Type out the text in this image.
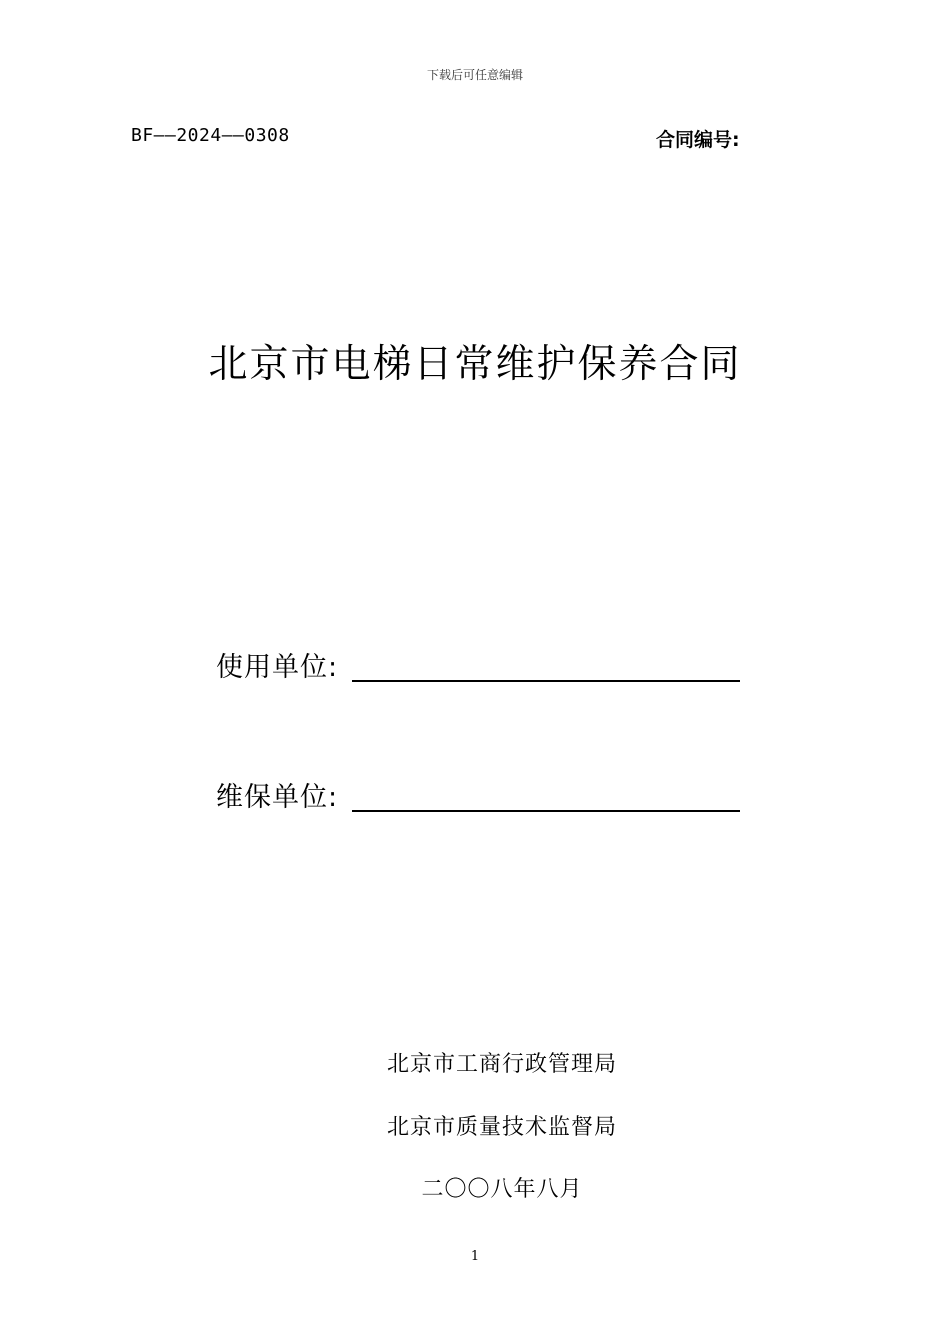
下载后可任意编辑
BF——2024——0308	合同编号:
北京市电梯日常维护保养合同
使用单位:
维保单位:
北京市工商行政管理局
北京市质量技术监督局
二〇〇八年八月
1
